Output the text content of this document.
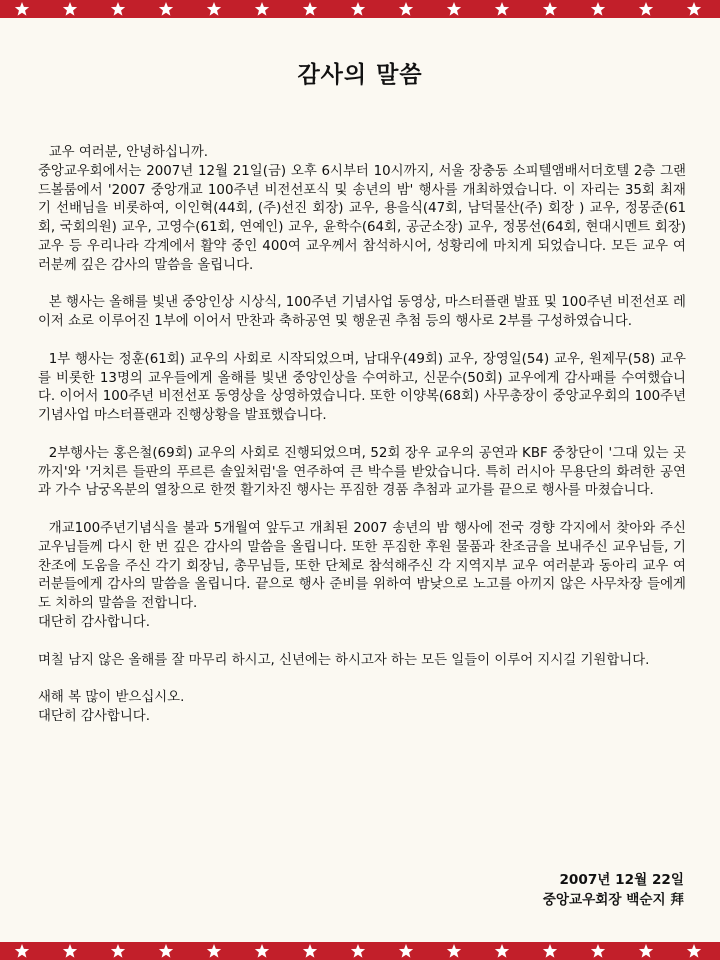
감사의 말씀

교우 여러분, 안녕하십니까.

중앙교우회에서는 2007년 12월 21일(금) 오후 6시부터 10시까지, 서울 장충동 소피텔앰배서더호텔 2층 그랜드볼룸에서 '2007 중앙개교 100주년 비전선포식 및 송년의 밤' 행사를 개최하였습니다. 이 자리는 35회 최재기 선배님을 비롯하여, 이인혁(44회, (주)선진 회장) 교우, 용을식(47회, 남덕물산(주) 회장 ) 교우, 정몽준(61회, 국회의원) 교우, 고영수(61회, 연예인) 교우, 윤학수(64회, 공군소장) 교우, 정몽선(64회, 현대시멘트 회장) 교우 등 우리나라 각계에서 활약 중인 400여 교우께서 참석하시어, 성황리에 마치게 되었습니다. 모든 교우 여러분께 깊은 감사의 말씀을 올립니다.

본 행사는 올해를 빛낸 중앙인상 시상식, 100주년 기념사업 동영상, 마스터플랜 발표 및 100주년 비전선포 레이저 쇼로 이루어진 1부에 이어서 만찬과 축하공연 및 행운권 추첨 등의 행사로 2부를 구성하였습니다.

1부 행사는 정훈(61회) 교우의 사회로 시작되었으며, 남대우(49회) 교우, 장영일(54) 교우, 원제무(58) 교우를 비롯한 13명의 교우들에게 올해를 빛낸 중앙인상을 수여하고, 신문수(50회) 교우에게 감사패를 수여했습니다. 이어서 100주년 비전선포 동영상을 상영하였습니다. 또한 이양복(68회) 사무총장이 중앙교우회의 100주년 기념사업 마스터플랜과 진행상황을 발표했습니다.

2부행사는 홍은철(69회) 교우의 사회로 진행되었으며, 52회 장우 교우의 공연과 KBF 중창단이 '그대 있는 곳까지'와 '거치른 들판의 푸르른 솔잎처럼'을 연주하여 큰 박수를 받았습니다. 특히 러시아 무용단의 화려한 공연과 가수 남궁옥분의 열창으로 한껏 활기차진 행사는 푸짐한 경품 추첨과 교가를 끝으로 행사를 마쳤습니다.

개교100주년기념식을 불과 5개월여 앞두고 개최된 2007 송년의 밤 행사에 전국 경향 각지에서 찾아와 주신 교우님들께 다시 한 번 깊은 감사의 말씀을 올립니다. 또한 푸짐한 후원 물품과 찬조금을 보내주신 교우님들, 기찬조에 도움을 주신 각기 회장님, 총무님들, 또한 단체로 참석해주신 각 지역지부 교우 여러분과 동아리 교우 여러분들에게 감사의 말씀을 올립니다. 끝으로 행사 준비를 위하여 밤낮으로 노고를 아끼지 않은 사무차장 들에게도 치하의 말씀을 전합니다.

대단히 감사합니다.

며칠 남지 않은 올해를 잘 마무리 하시고, 신년에는 하시고자 하는 모든 일들이 이루어 지시길 기원합니다.

새해 복 많이 받으십시오.

대단히 감사합니다.

2007년 12월 22일
중앙교우회장 백순지 拜
